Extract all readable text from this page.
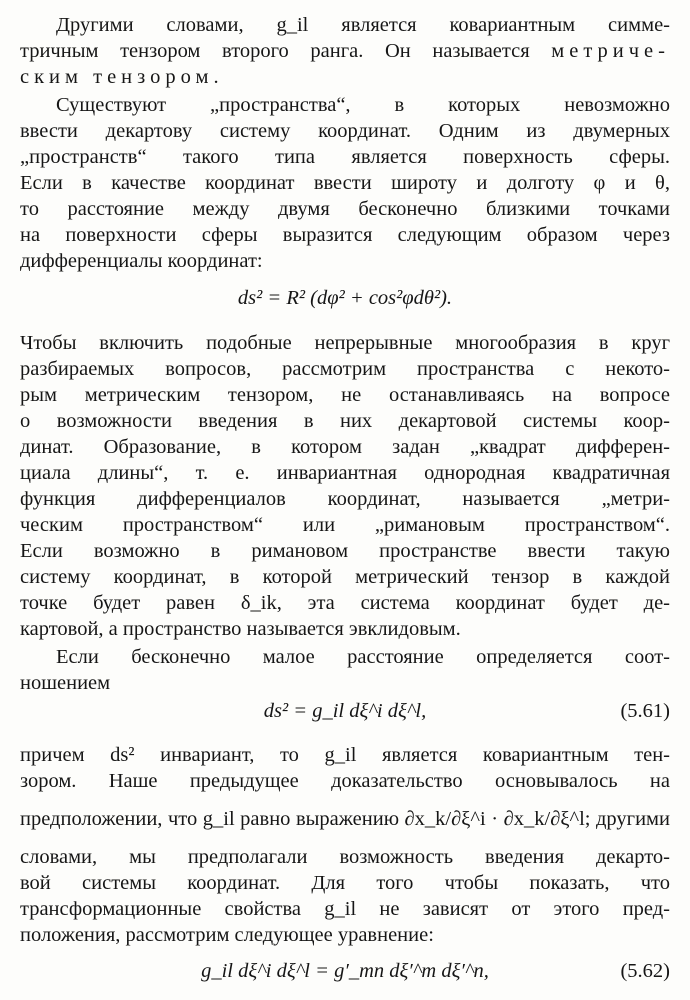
Другими словами, g_il является ковариантным симме-
тричным тензором второго ранга. Он называется метриче-
ским тензором.
Существуют „пространства“, в которых невозможно
ввести декартову систему координат. Одним из двумерных
„пространств“ такого типа является поверхность сферы.
Если в качестве координат ввести широту и долготу φ и θ,
то расстояние между двумя бесконечно близкими точками
на поверхности сферы выразится следующим образом через
дифференциалы координат:
ds² = R² (dφ² + cos²φdθ²).
Чтобы включить подобные непрерывные многообразия в круг
разбираемых вопросов, рассмотрим пространства с некото-
рым метрическим тензором, не останавливаясь на вопросе
о возможности введения в них декартовой системы коор-
динат. Образование, в котором задан „квадрат дифферен-
циала длины“, т. е. инвариантная однородная квадратичная
функция дифференциалов координат, называется „метри-
ческим пространством“ или „римановым пространством“.
Если возможно в римановом пространстве ввести такую
систему координат, в которой метрический тензор в каждой
точке будет равен δ_ik, эта система координат будет де-
картовой, а пространство называется эвклидовым.
Если бесконечно малое расстояние определяется соот-
ношением
ds² = g_il dξ^i dξ^l,	(5.61)
причем ds² инвариант, то g_il является ковариантным тен-
зором. Наше предыдущее доказательство основывалось на
предположении, что g_il равно выражению ∂x_k/∂ξ^i · ∂x_k/∂ξ^l; другими
словами, мы предполагали возможность введения декарто-
вой системы координат. Для того чтобы показать, что
трансформационные свойства g_il не зависят от этого пред-
положения, рассмотрим следующее уравнение:
g_il dξ^i dξ^l = g′_mn dξ′^m dξ′^n,	(5.62)
